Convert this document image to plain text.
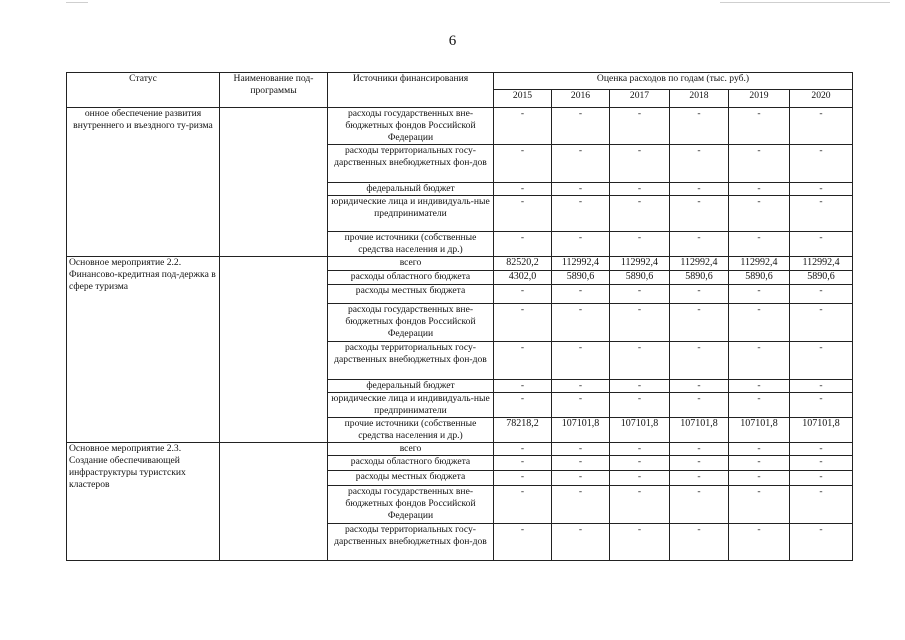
6
Статус	Наименование под-программы	Источники финансирования	Оценка расходов по годам (тыс. руб.)					
			2015	2016	2017	2018	2019	2020
онное обеспечение развития внутреннего и въездного ту-ризма		расходы государственных вне-бюджетных фондов Российской Федерации	-	-	-	-	-	-
		расходы территориальных госу-дарственных внебюджетных фон-дов	-	-	-	-	-	-
		федеральный бюджет	-	-	-	-	-	-
		юридические лица и индивидуаль-ные предприниматели	-	-	-	-	-	-
		прочие источники (собственные средства населения и др.)	-	-	-	-	-	-
Основное мероприятие 2.2. Финансово-кредитная под-держка в сфере туризма		всего	82520,2	112992,4	112992,4	112992,4	112992,4	112992,4
		расходы областного бюджета	4302,0	5890,6	5890,6	5890,6	5890,6	5890,6
		расходы местных бюджета	-	-	-	-	-	-
		расходы государственных вне-бюджетных фондов Российской Федерации	-	-	-	-	-	-
		расходы территориальных госу-дарственных внебюджетных фон-дов	-	-	-	-	-	-
		федеральный бюджет	-	-	-	-	-	-
		юридические лица и индивидуаль-ные предприниматели	-	-	-	-	-	-
		прочие источники (собственные средства населения и др.)	78218,2	107101,8	107101,8	107101,8	107101,8	107101,8
Основное мероприятие 2.3. Создание обеспечивающей инфраструктуры туристских кластеров		всего	-	-	-	-	-	-
		расходы областного бюджета	-	-	-	-	-	-
		расходы местных бюджета	-	-	-	-	-	-
		расходы государственных вне-бюджетных фондов Российской Федерации	-	-	-	-	-	-
		расходы территориальных госу-дарственных внебюджетных фон-дов	-	-	-	-	-	-
